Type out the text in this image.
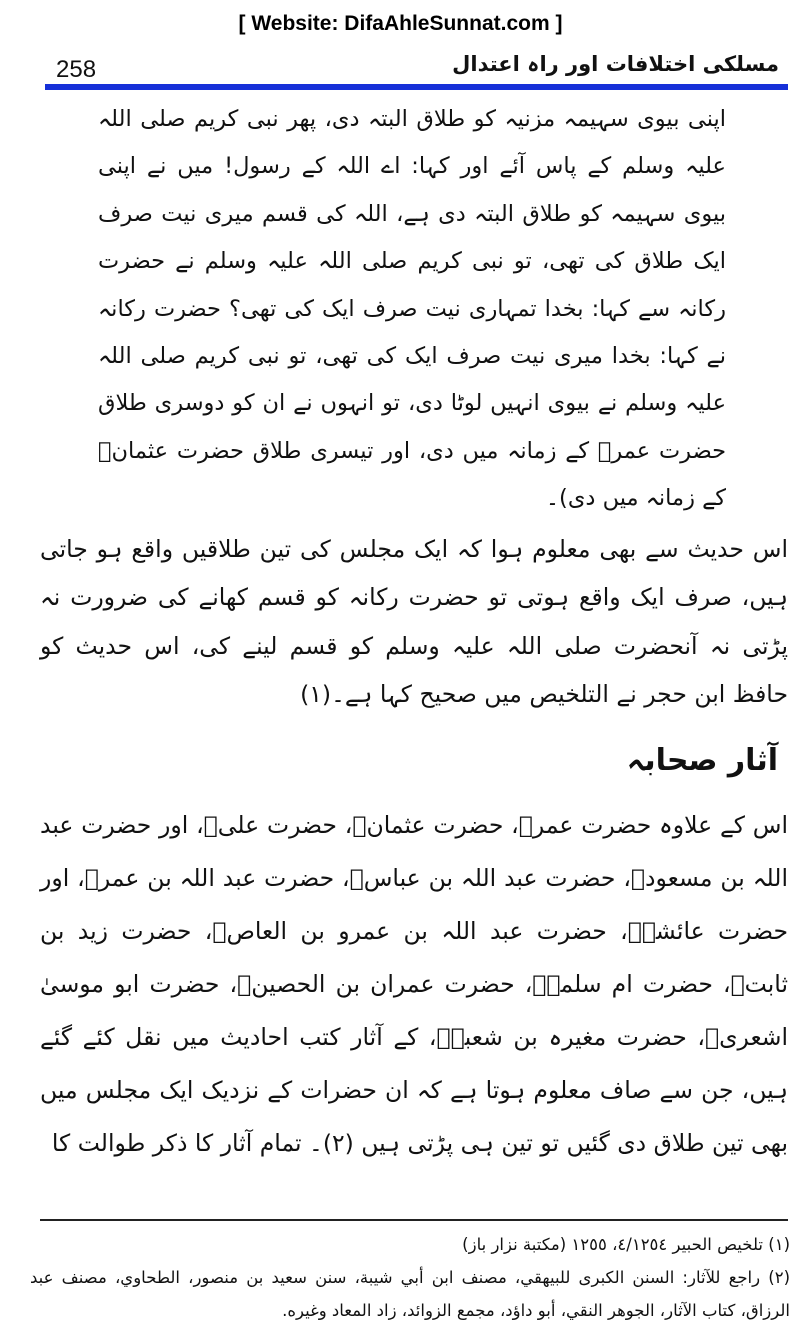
[ Website: DifaAhleSunnat.com ]
258	مسلکی اختلافات اور راہ اعتدال

اپنی بیوی سہیمہ مزنیہ کو طلاق البتہ دی، پھر نبی کریم صلی اللہ علیہ وسلم کے پاس آئے اور کہا: اے اللہ کے رسول! میں نے اپنی بیوی سہیمہ کو طلاق البتہ دی ہے، اللہ کی قسم میری نیت صرف ایک طلاق کی تھی، تو نبی کریم صلی اللہ علیہ وسلم نے حضرت رکانہ سے کہا: بخدا تمہاری نیت صرف ایک کی تھی؟ حضرت رکانہ نے کہا: بخدا میری نیت صرف ایک کی تھی، تو نبی کریم صلی اللہ علیہ وسلم نے بیوی انہیں لوٹا دی، تو انہوں نے ان کو دوسری طلاق حضرت عمرؓ کے زمانہ میں دی، اور تیسری طلاق حضرت عثمانؓ کے زمانہ میں دی)۔

اس حدیث سے بھی معلوم ہوا کہ ایک مجلس کی تین طلاقیں واقع ہو جاتی ہیں، صرف ایک واقع ہوتی تو حضرت رکانہ کو قسم کھانے کی ضرورت نہ پڑتی نہ آنحضرت صلی اللہ علیہ وسلم کو قسم لینے کی، اس حدیث کو حافظ ابن حجر نے التلخیص میں صحیح کہا ہے۔(۱)

آثار صحابہ

اس کے علاوہ حضرت عمرؓ، حضرت عثمانؓ، حضرت علیؓ، اور حضرت عبد اللہ بن مسعودؓ، حضرت عبد اللہ بن عباسؓ، حضرت عبد اللہ بن عمرؓ، اور حضرت عائشہؓ، حضرت عبد اللہ بن عمرو بن العاصؓ، حضرت زید بن ثابتؓ، حضرت ام سلمہؓ، حضرت عمران بن الحصینؓ، حضرت ابو موسیٰ اشعریؓ، حضرت مغیرہ بن شعبہؓ، کے آثار کتب احادیث میں نقل کئے گئے ہیں، جن سے صاف معلوم ہوتا ہے کہ ان حضرات کے نزدیک ایک مجلس میں بھی تین طلاق دی گئیں تو تین ہی پڑتی ہیں (۲)۔ تمام آثار کا ذکر طوالت کا

(۱) تلخیص الحبیر ٤/١٢٥٤، ١٢٥٥ (مكتبة نزار باز)

(۲) راجع للآثار: السنن الكبرى للبيهقي، مصنف ابن أبي شيبة، سنن سعيد بن منصور، الطحاوي، مصنف عبد الرزاق، كتاب الآثار، الجوهر النقي، أبو داؤد، مجمع الزوائد، زاد المعاد وغيره.
